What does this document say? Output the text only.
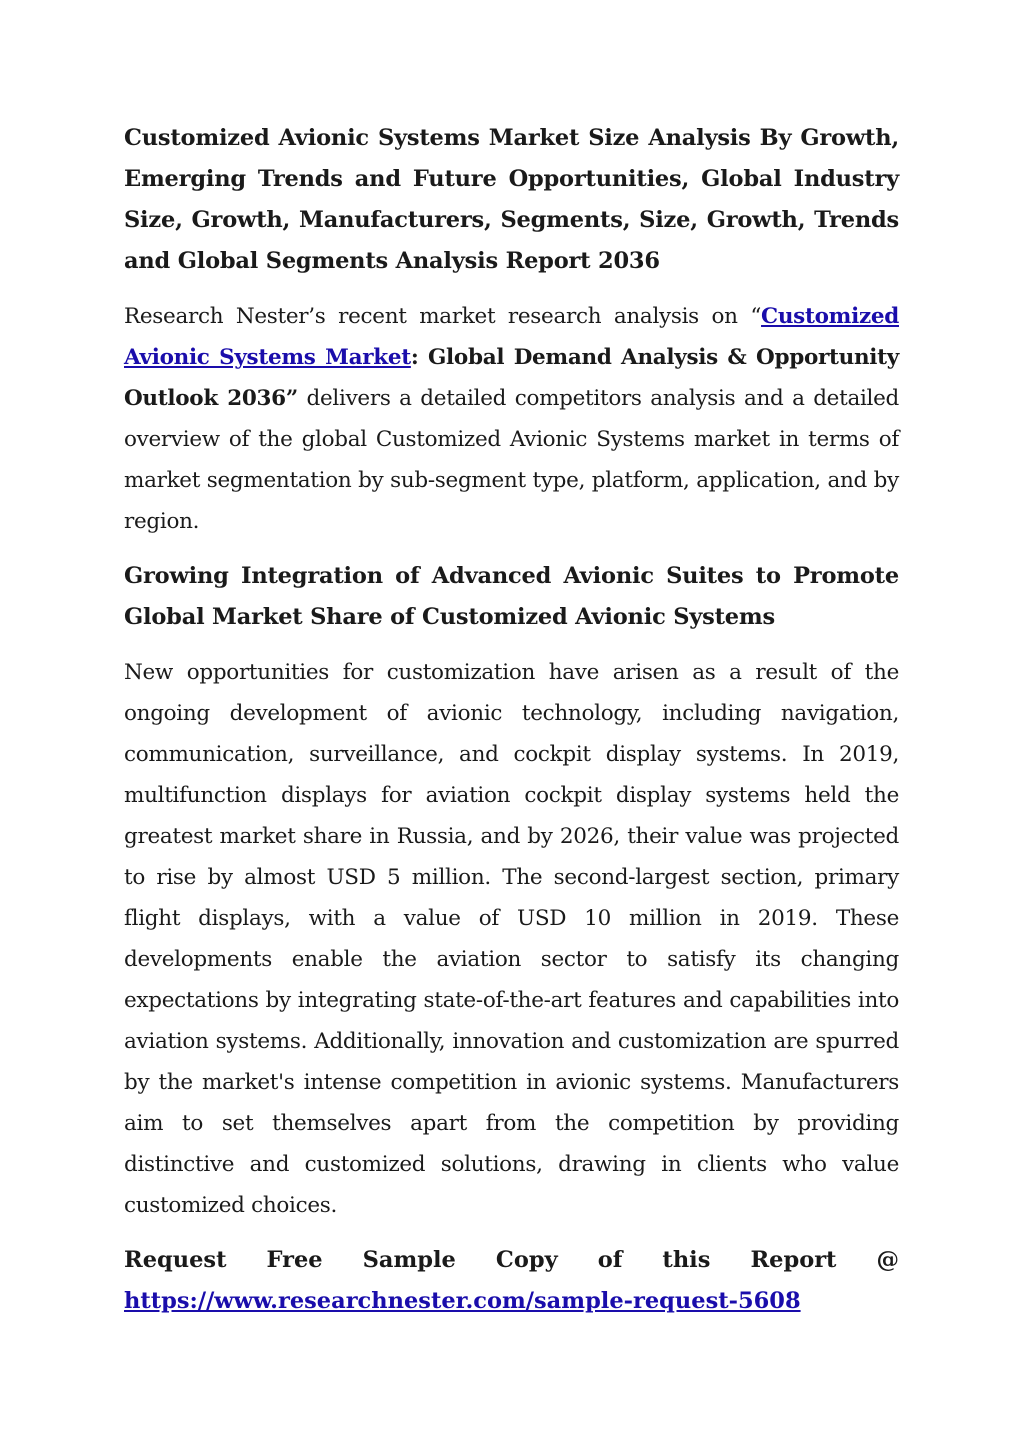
Customized Avionic Systems Market Size Analysis By Growth, Emerging Trends and Future Opportunities, Global Industry Size, Growth, Manufacturers, Segments, Size, Growth, Trends and Global Segments Analysis Report 2036

Research Nester’s recent market research analysis on “Customized Avionic Systems Market: Global Demand Analysis & Opportunity Outlook 2036” delivers a detailed competitors analysis and a detailed overview of the global Customized Avionic Systems market in terms of market segmentation by sub-segment type, platform, application, and by region.

Growing Integration of Advanced Avionic Suites to Promote Global Market Share of Customized Avionic Systems

New opportunities for customization have arisen as a result of the ongoing development of avionic technology, including navigation, communication, surveillance, and cockpit display systems. In 2019, multifunction displays for aviation cockpit display systems held the greatest market share in Russia, and by 2026, their value was projected to rise by almost USD 5 million. The second-largest section, primary flight displays, with a value of USD 10 million in 2019. These developments enable the aviation sector to satisfy its changing expectations by integrating state-of-the-art features and capabilities into aviation systems. Additionally, innovation and customization are spurred by the market's intense competition in avionic systems. Manufacturers aim to set themselves apart from the competition by providing distinctive and customized solutions, drawing in clients who value customized choices.

Request Free Sample Copy of this Report @

https://www.researchnester.com/sample-request-5608
